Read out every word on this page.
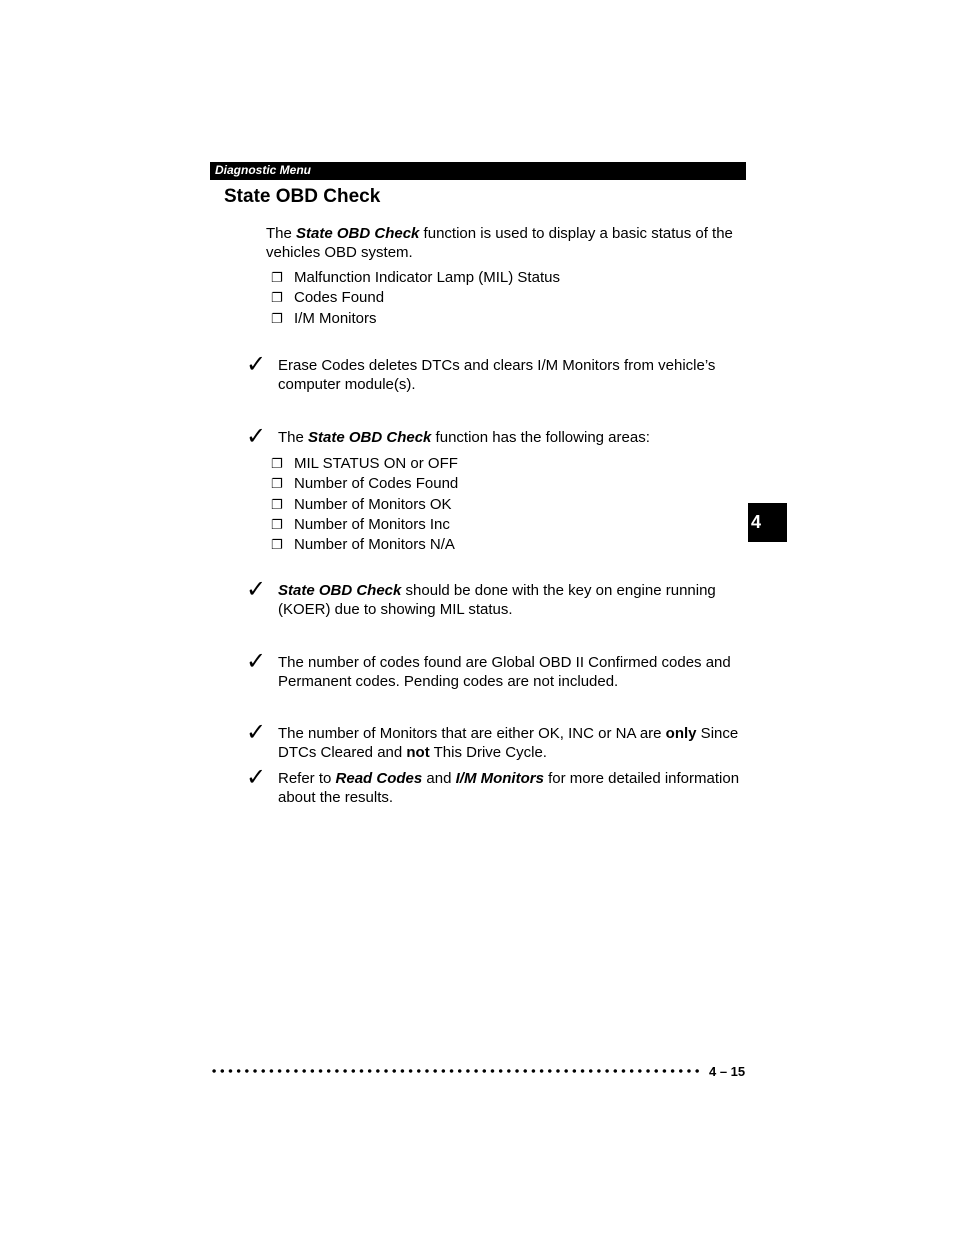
Diagnostic Menu
State OBD Check

The State OBD Check function is used to display a basic status of the vehicles OBD system.

❐ Malfunction Indicator Lamp (MIL) Status
❐ Codes Found
❐ I/M Monitors
✓ Erase Codes deletes DTCs and clears I/M Monitors from vehicle’s computer module(s).

✓ The State OBD Check function has the following areas:

❐ MIL STATUS ON or OFF
❐ Number of Codes Found
❐ Number of Monitors OK
❐ Number of Monitors Inc
❐ Number of Monitors N/A
✓ State OBD Check should be done with the key on engine running (KOER) due to showing MIL status.

✓ The number of codes found are Global OBD II Confirmed codes and Permanent codes. Pending codes are not included.

✓ The number of Monitors that are either OK, INC or NA are only Since DTCs Cleared and not This Drive Cycle.

✓ Refer to Read Codes and I/M Monitors for more detailed information about the results.

4
4 – 15
